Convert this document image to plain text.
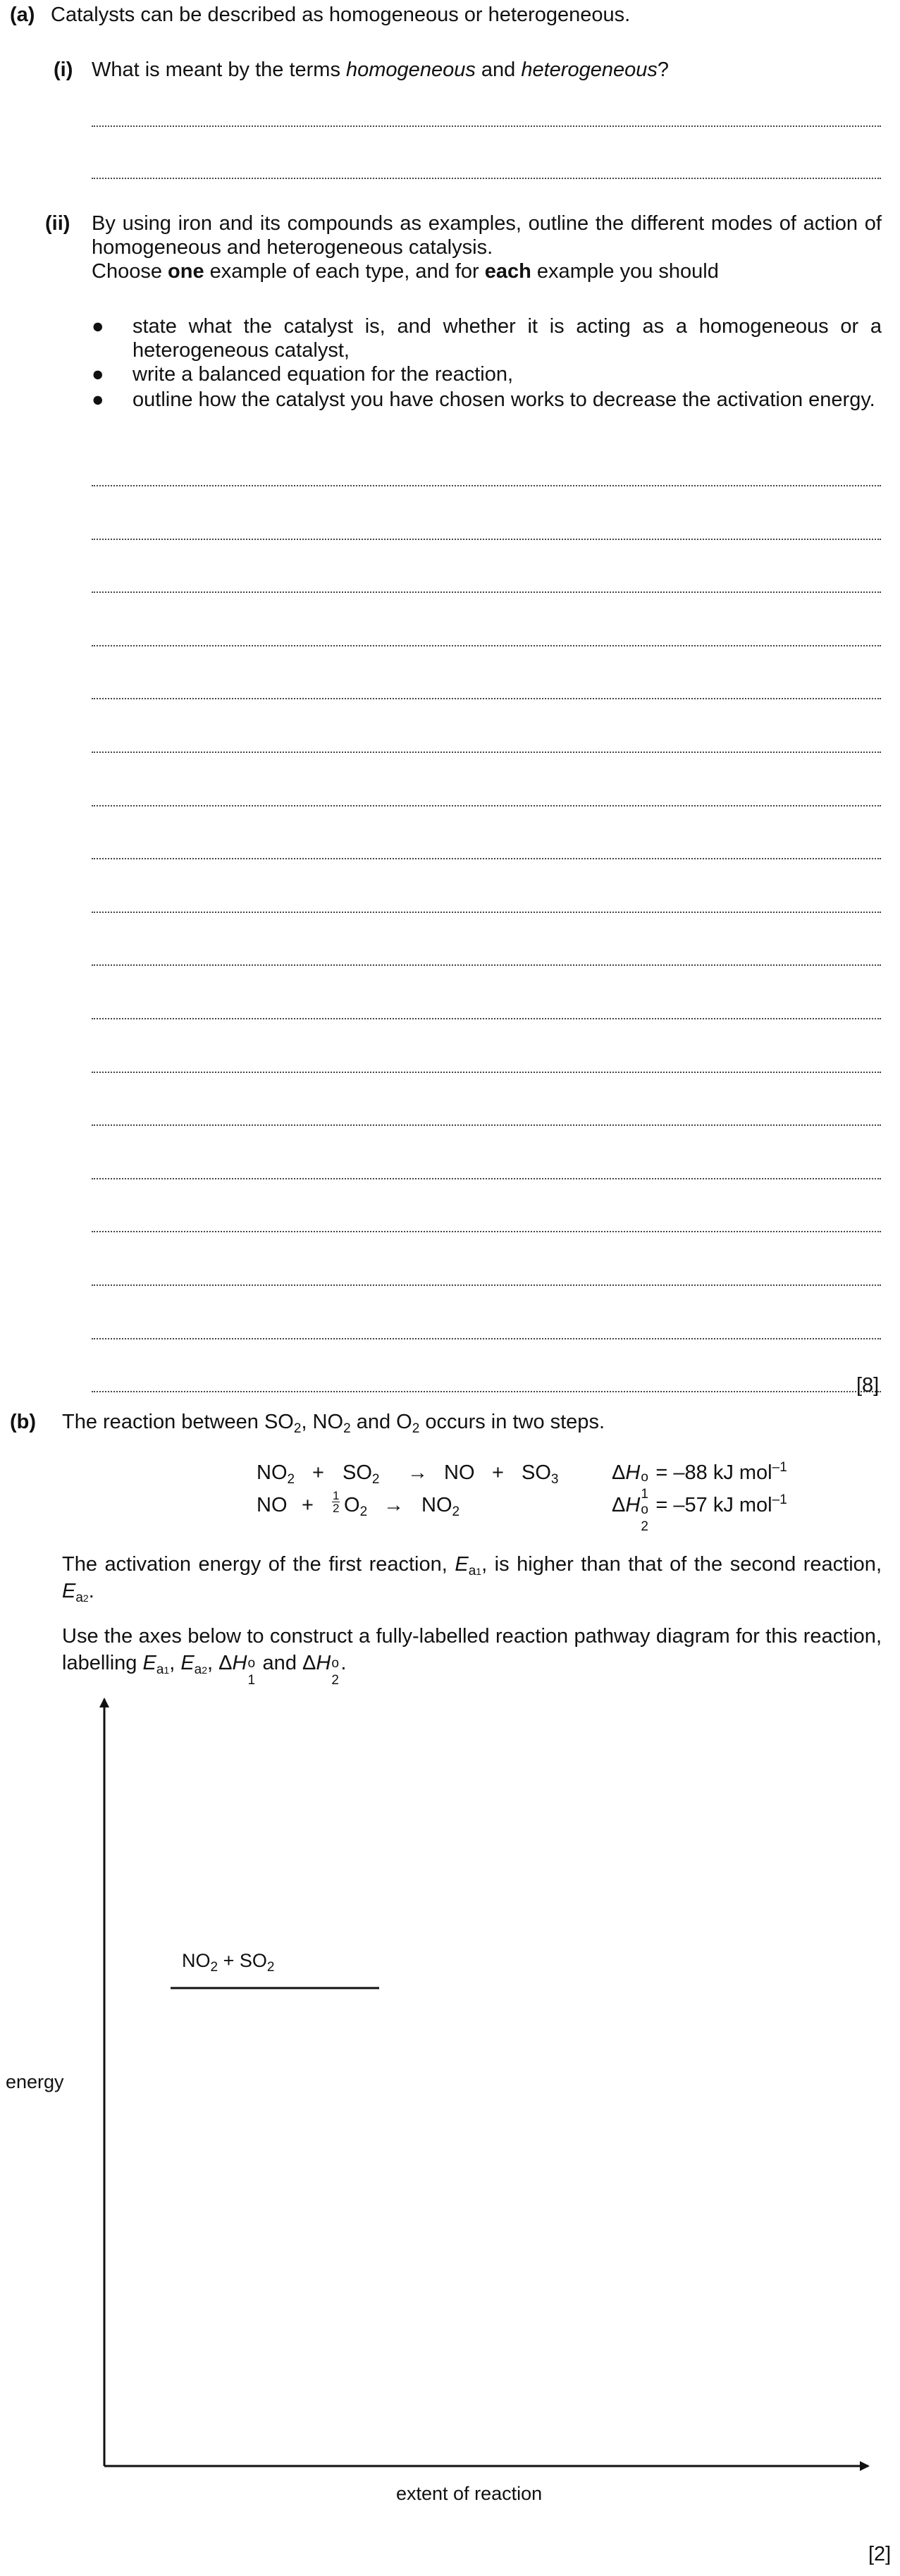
(a) Catalysts can be described as homogeneous or heterogeneous.
(i) What is meant by the terms homogeneous and heterogeneous?
(ii) By using iron and its compounds as examples, outline the different modes of action of homogeneous and heterogeneous catalysis.
Choose one example of each type, and for each example you should
● state what the catalyst is, and whether it is acting as a homogeneous or a heterogeneous catalyst,
● write a balanced equation for the reaction,
● outline how the catalyst you have chosen works to decrease the activation energy.
[8]
(b) The reaction between $SO_2$, $NO_2$ and $O_2$ occurs in two steps.
$NO_2 + SO_2$ → NO + $SO_3$	ΔH o
1
= –88 kJ mol$^{-1}$
NO + $\frac{1}{2} O_2 \to NO_2$	ΔH o
2
= –57 kJ mol$^{-1}$
The activation energy of the first reaction, $E_{a1}$, is higher than that of the second reaction, $E_{a2}$.
Use the axes below to construct a fully-labelled reaction pathway diagram for this reaction, labelling $E_{a1}$, $E_{a2}$, ΔH o
1
and ΔH o
2
.
$NO_2 + SO_2$
energy
extent of reaction
[2]
